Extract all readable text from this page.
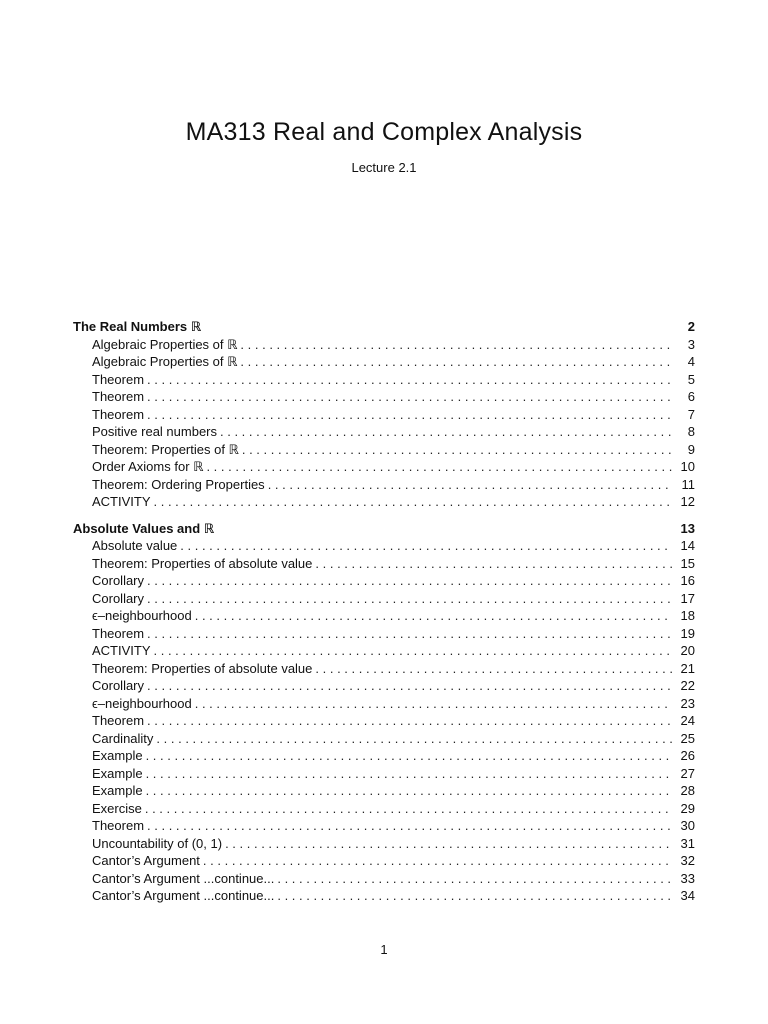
MA313 Real and Complex Analysis
Lecture 2.1
The Real Numbers ℝ	2
Algebraic Properties of ℝ . . .	3
Algebraic Properties of ℝ . . .	4
Theorem . . .	5
Theorem . . .	6
Theorem . . .	7
Positive real numbers . . .	8
Theorem: Properties of ℝ . . .	9
Order Axioms for ℝ . . .	10
Theorem: Ordering Properties . . .	11
ACTIVITY . . .	12
Absolute Values and ℝ	13
Absolute value . . .	14
Theorem: Properties of absolute value . . .	15
Corollary . . .	16
Corollary . . .	17
ϵ–neighbourhood . . .	18
Theorem . . .	19
ACTIVITY . . .	20
Theorem: Properties of absolute value . . .	21
Corollary . . .	22
ϵ–neighbourhood . . .	23
Theorem . . .	24
Cardinality . . .	25
Example . . .	26
Example . . .	27
Example . . .	28
Exercise . . .	29
Theorem . . .	30
Uncountability of (0, 1) . . .	31
Cantor’s Argument . . .	32
Cantor’s Argument ...continue... . . .	33
Cantor’s Argument ...continue... . . .	34
1
